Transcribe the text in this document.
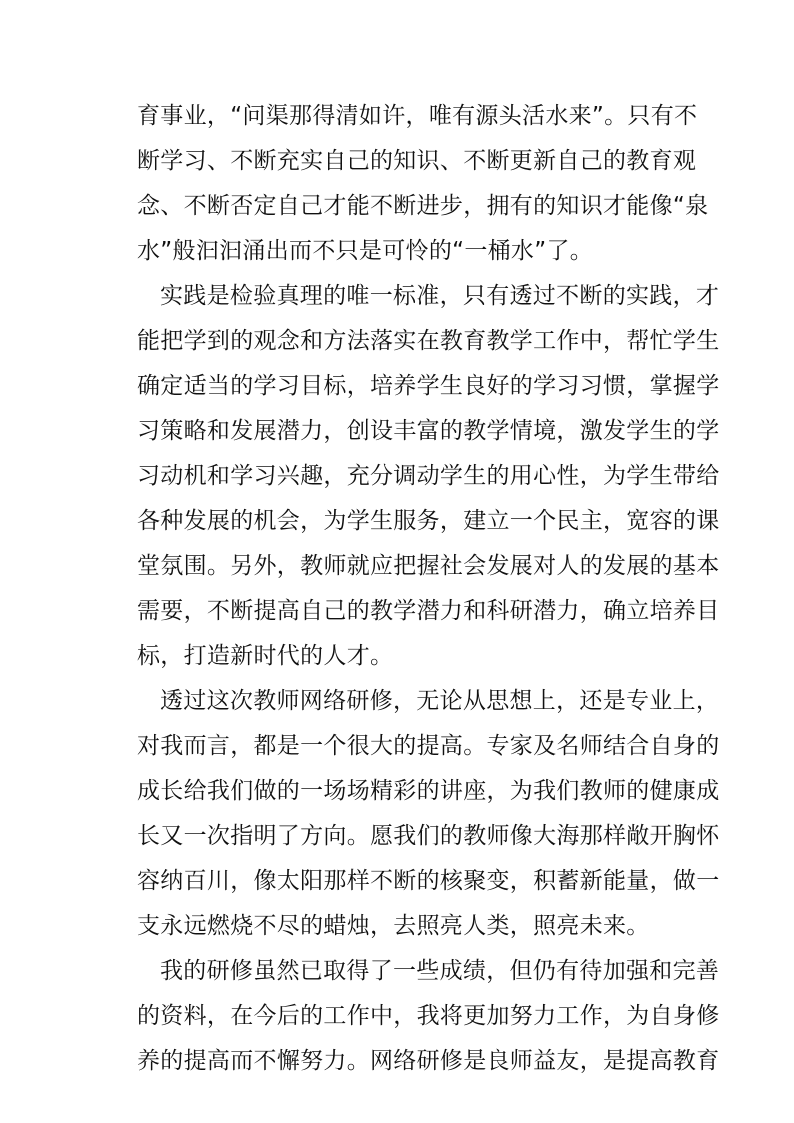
育事业，“问渠那得清如许，唯有源头活水来”。只有不
断学习、不断充实自己的知识、不断更新自己的教育观
念、不断否定自己才能不断进步，拥有的知识才能像“泉
水”般汩汩涌出而不只是可怜的“一桶水”了。
实践是检验真理的唯一标准，只有透过不断的实践，才
能把学到的观念和方法落实在教育教学工作中，帮忙学生
确定适当的学习目标，培养学生良好的学习习惯，掌握学
习策略和发展潜力，创设丰富的教学情境，激发学生的学
习动机和学习兴趣，充分调动学生的用心性，为学生带给
各种发展的机会，为学生服务，建立一个民主，宽容的课
堂氛围。另外，教师就应把握社会发展对人的发展的基本
需要，不断提高自己的教学潜力和科研潜力，确立培养目
标，打造新时代的人才。
透过这次教师网络研修，无论从思想上，还是专业上，
对我而言，都是一个很大的提高。专家及名师结合自身的
成长给我们做的一场场精彩的讲座，为我们教师的健康成
长又一次指明了方向。愿我们的教师像大海那样敞开胸怀
容纳百川，像太阳那样不断的核聚变，积蓄新能量，做一
支永远燃烧不尽的蜡烛，去照亮人类，照亮未来。
我的研修虽然已取得了一些成绩，但仍有待加强和完善
的资料，在今后的工作中，我将更加努力工作，为自身修
养的提高而不懈努力。网络研修是良师益友，是提高教育
